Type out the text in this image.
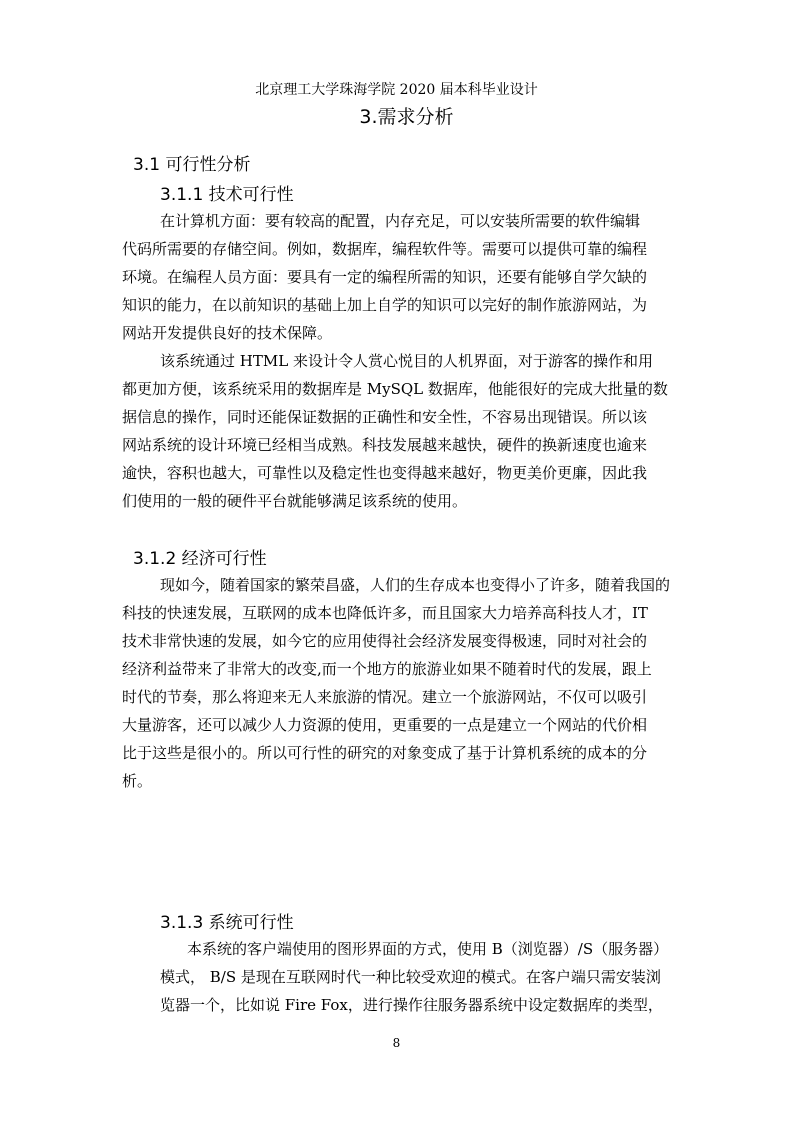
北京理工大学珠海学院 2020 届本科毕业设计
3.需求分析
3.1 可行性分析
3.1.1 技术可行性
在计算机方面：要有较高的配置，内存充足，可以安装所需要的软件编辑
代码所需要的存储空间。例如，数据库，编程软件等。需要可以提供可靠的编程
环境。在编程人员方面：要具有一定的编程所需的知识，还要有能够自学欠缺的
知识的能力，在以前知识的基础上加上自学的知识可以完好的制作旅游网站，为
网站开发提供良好的技术保障。
该系统通过 HTML 来设计令人赏心悦目的人机界面，对于游客的操作和用
都更加方便，该系统采用的数据库是 MySQL 数据库，他能很好的完成大批量的数
据信息的操作，同时还能保证数据的正确性和安全性，不容易出现错误。所以该
网站系统的设计环境已经相当成熟。科技发展越来越快，硬件的换新速度也逾来
逾快，容积也越大，可靠性以及稳定性也变得越来越好，物更美价更廉，因此我
们使用的一般的硬件平台就能够满足该系统的使用。
3.1.2 经济可行性
现如今，随着国家的繁荣昌盛，人们的生存成本也变得小了许多，随着我国的
科技的快速发展，互联网的成本也降低许多，而且国家大力培养高科技人才，IT
技术非常快速的发展，如今它的应用使得社会经济发展变得极速，同时对社会的
经济利益带来了非常大的改变,而一个地方的旅游业如果不随着时代的发展，跟上
时代的节奏，那么将迎来无人来旅游的情况。建立一个旅游网站，不仅可以吸引
大量游客，还可以减少人力资源的使用，更重要的一点是建立一个网站的代价相
比于这些是很小的。所以可行性的研究的对象变成了基于计算机系统的成本的分
析。
3.1.3 系统可行性
本系统的客户端使用的图形界面的方式，使用 B（浏览器）/S（服务器）
模式， B/S 是现在互联网时代一种比较受欢迎的模式。在客户端只需安装浏
览器一个，比如说 Fire Fox，进行操作往服务器系统中设定数据库的类型，
8
